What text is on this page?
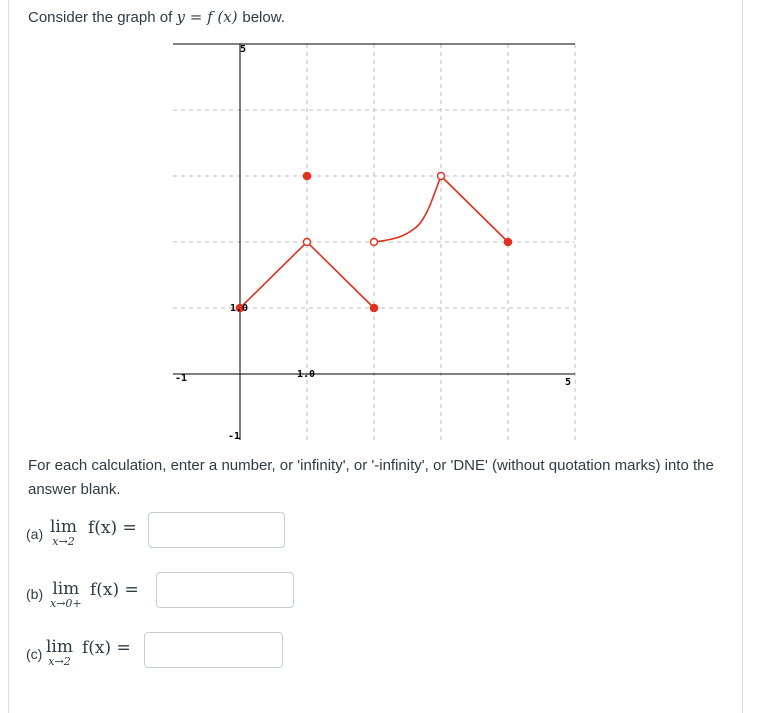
Consider the graph of y = f (x) below.
-1	5
5
-1
1.0
1.0
For each calculation, enter a number, or 'infinity', or '-infinity', or 'DNE' (without quotation marks) into the answer blank.
(a) lim
x→2
f(x) =
(b) lim
x→0+
f(x) =
(c) lim
x→2
f(x) =
